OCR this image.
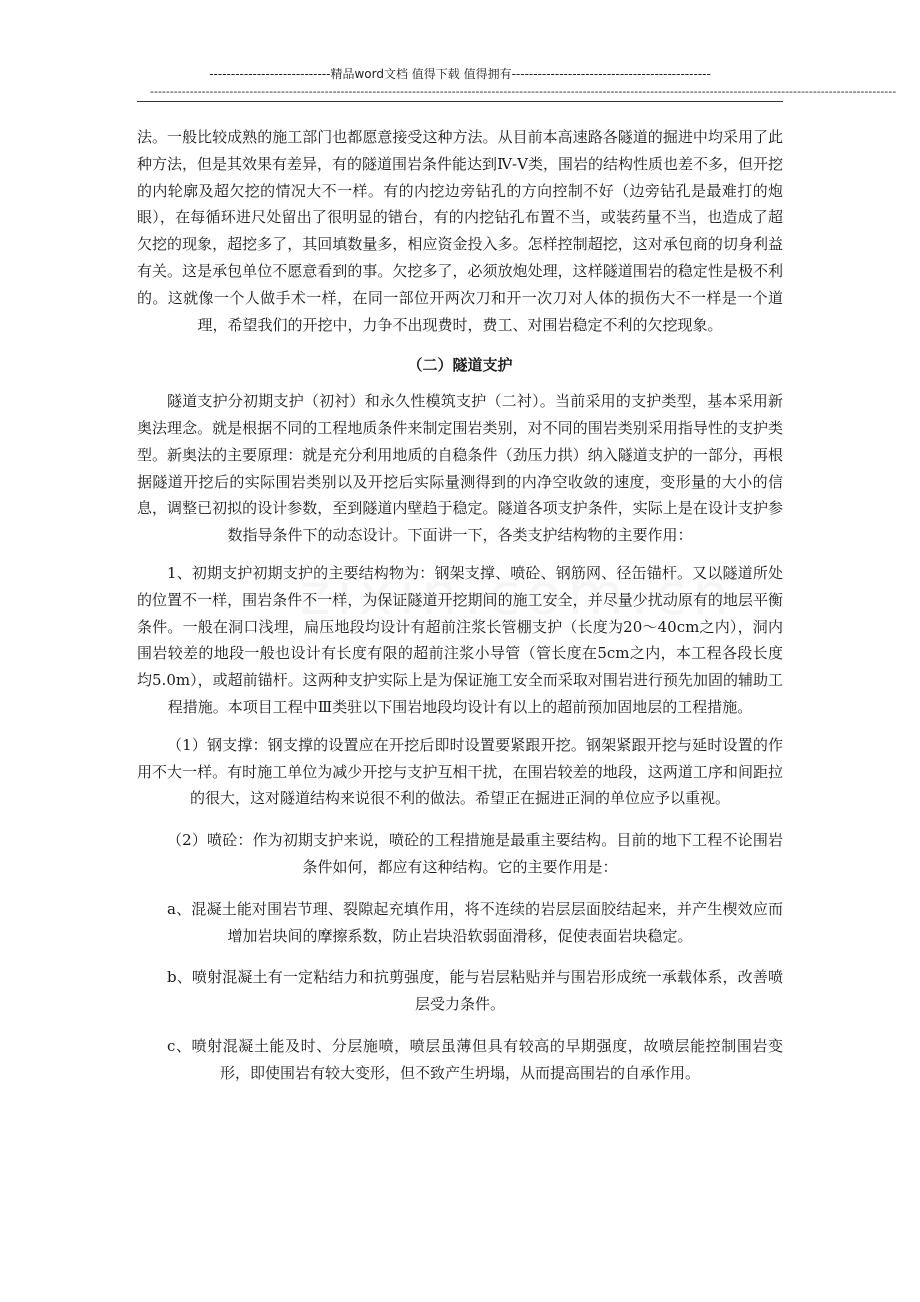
----------------------------精品word文档 值得下载 值得拥有----------------------------------------------
--------------------------------------------------------------------------------------------------------------------------------------------------------------------------------------------

法。一般比较成熟的施工部门也都愿意接受这种方法。从目前本高速路各隧道的掘进中均采用了此种方法，但是其效果有差异，有的隧道围岩条件能达到Ⅳ-Ⅴ类，围岩的结构性质也差不多，但开挖的内轮廓及超欠挖的情况大不一样。有的内挖边旁钻孔的方向控制不好（边旁钻孔是最难打的炮眼），在每循环进尺处留出了很明显的错台，有的内挖钻孔布置不当，或装药量不当，也造成了超欠挖的现象，超挖多了，其回填数量多，相应资金投入多。怎样控制超挖，这对承包商的切身利益有关。这是承包单位不愿意看到的事。欠挖多了，必须放炮处理，这样隧道围岩的稳定性是极不利的。这就像一个人做手术一样，在同一部位开两次刀和开一次刀对人体的损伤大不一样是一个道理，希望我们的开挖中，力争不出现费时，费工、对围岩稳定不利的欠挖现象。

（二）隧道支护

隧道支护分初期支护（初衬）和永久性模筑支护（二衬）。当前采用的支护类型，基本采用新奥法理念。就是根据不同的工程地质条件来制定围岩类别，对不同的围岩类别采用指导性的支护类型。新奥法的主要原理：就是充分利用地质的自稳条件（劲压力拱）纳入隧道支护的一部分，再根据隧道开挖后的实际围岩类别以及开挖后实际量测得到的内净空收敛的速度，变形量的大小的信息，调整已初拟的设计参数，至到隧道内壁趋于稳定。隧道各项支护条件，实际上是在设计支护参数指导条件下的动态设计。下面讲一下，各类支护结构物的主要作用：

1、初期支护初期支护的主要结构物为：钢架支撑、喷砼、钢筋网、径缶锚杆。又以隧道所处的位置不一样，围岩条件不一样，为保证隧道开挖期间的施工安全，并尽量少扰动原有的地层平衡条件。一般在洞口浅埋，扁压地段均设计有超前注浆长管棚支护（长度为20～40cm之内），洞内围岩较差的地段一般也设计有长度有限的超前注浆小导管（管长度在5cm之内，本工程各段长度均5.0m），或超前锚杆。这两种支护实际上是为保证施工安全而采取对围岩进行预先加固的辅助工程措施。本项目工程中Ⅲ类驻以下围岩地段均设计有以上的超前预加固地层的工程措施。

（1）钢支撑：钢支撑的设置应在开挖后即时设置要紧跟开挖。钢架紧跟开挖与延时设置的作用不大一样。有时施工单位为减少开挖与支护互相干扰，在围岩较差的地段，这两道工序和间距拉的很大，这对隧道结构来说很不利的做法。希望正在掘进正洞的单位应予以重视。

（2）喷砼：作为初期支护来说，喷砼的工程措施是最重主要结构。目前的地下工程不论围岩条件如何，都应有这种结构。它的主要作用是：

a、混凝土能对围岩节理、裂隙起充填作用，将不连续的岩层层面胶结起来，并产生楔效应而增加岩块间的摩擦系数，防止岩块沿软弱面滑移，促使表面岩块稳定。

b、喷射混凝土有一定粘结力和抗剪强度，能与岩层粘贴并与围岩形成统一承载体系，改善喷层受力条件。

c、喷射混凝土能及时、分层施喷，喷层虽薄但具有较高的早期强度，故喷层能控制围岩变形，即使围岩有较大变形，但不致产生坍塌，从而提高围岩的自承作用。
